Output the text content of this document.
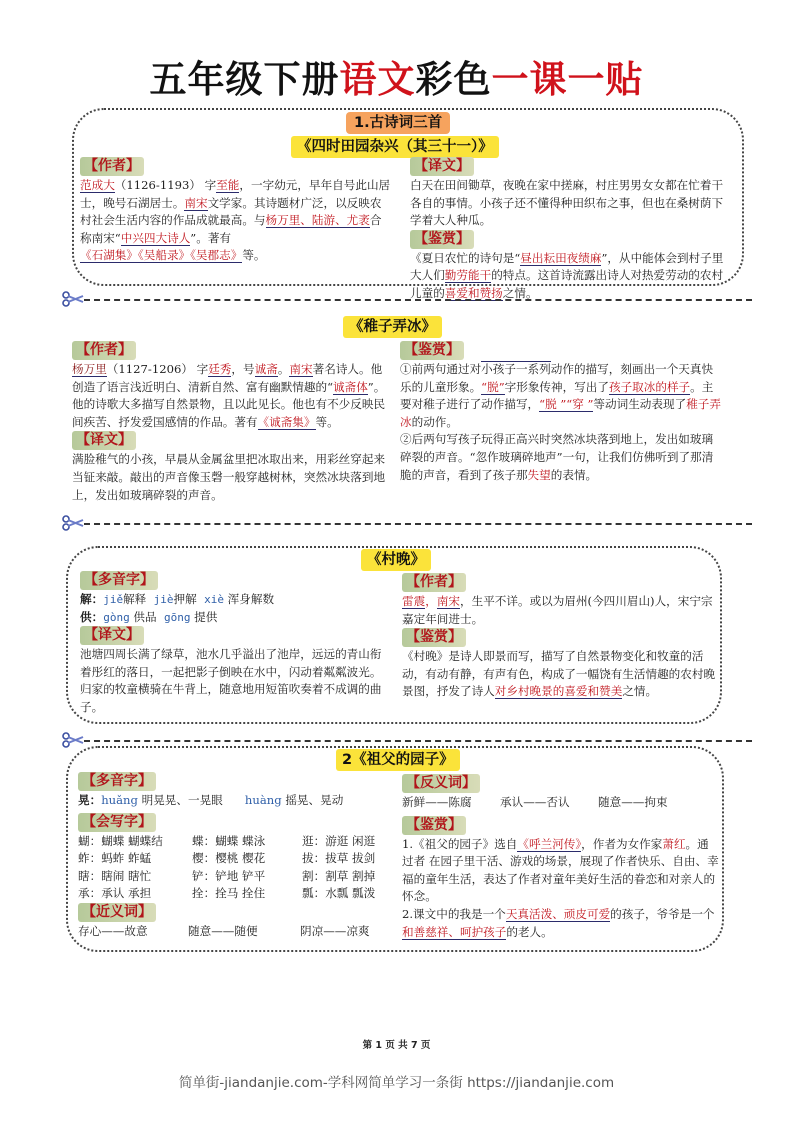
五年级下册语文彩色一课一贴
1.古诗词三首
《四时田园杂兴（其三十一）》
【作者】

范成大（1126-1193） 字至能，一字幼元，早年自号此山居士，晚号石湖居士。南宋文学家。其诗题材广泛，以反映农村社会生活内容的作品成就最高。与杨万里、陆游、尤袤合称南宋“中兴四大诗人”。著有《石湖集》《吴船录》《吴郡志》等。

【译文】

白天在田间锄草，夜晚在家中搓麻，村庄男男女女都在忙着干各自的事情。小孩子还不懂得种田织布之事，但也在桑树荫下学着大人种瓜。

【鉴赏】

《夏日农忙的诗句是“昼出耘田夜绩麻”，从中能体会到村子里大人们勤劳能干的特点。这首诗流露出诗人对热爱劳动的农村儿童的喜爱和赞扬之情。

《稚子弄冰》
【作者】

杨万里（1127-1206） 字廷秀，号诚斋。南宋著名诗人。他创造了语言浅近明白、清新自然、富有幽默情趣的“诚斋体”。他的诗歌大多描写自然景物，且以此见长。他也有不少反映民间疾苦、抒发爱国感情的作品。著有《诚斋集》等。

【译文】

满脸稚气的小孩，早晨从金属盆里把冰取出来，用彩丝穿起来当钲来敲。敲出的声音像玉磬一般穿越树林，突然冰块落到地上，发出如玻璃碎裂的声音。

【鉴赏】

①前两句通过对小孩子一系列动作的描写，刻画出一个天真快乐的儿童形象。“脱”字形象传神，写出了孩子取冰的样子。主要对稚子进行了动作描写，“脱 ”“穿 ”等动词生动表现了稚子弄冰的动作。

②后两句写孩子玩得正高兴时突然冰块落到地上，发出如玻璃碎裂的声音。“忽作玻璃碎地声”一句，让我们仿佛听到了那清脆的声音，看到了孩子那失望的表情。

《村晚》
【多音字】

解：jiě解释 jiè押解 xiè 浑身解数

供：gòng 供品 gōng 提供

【译文】

池塘四周长满了绿草，池水几乎溢出了池岸，远远的青山衔着彤红的落日，一起把影子倒映在水中，闪动着粼粼波光。归家的牧童横骑在牛背上，随意地用短笛吹奏着不成调的曲子。

【作者】

雷震，南宋，生平不详。或以为眉州(今四川眉山)人，宋宁宗嘉定年间进士。

【鉴赏】

《村晚》是诗人即景而写，描写了自然景物变化和牧童的活动，有动有静，有声有色，构成了一幅饶有生活情趣的农村晚景图，抒发了诗人对乡村晚景的喜爱和赞美之情。

2《祖父的园子》
【多音字】

晃：huǎng 明晃晃、一晃眼 huàng 摇晃、晃动

【会写字】
蝴：蝴蝶 蝴蝶结	蝶：蝴蝶 蝶泳	逛：游逛 闲逛
蚱：蚂蚱 蚱蜢	樱：樱桃 樱花	拔：拔草 拔剑
瞎：瞎闹 瞎忙	铲：铲地 铲平	割：割草 割掉
承：承认 承担	拴：拴马 拴住	瓢：水瓢 瓢泼
【近义词】
存心——故意	随意——随便	阴凉——凉爽
【反义词】
新鲜——陈腐	承认——否认	随意——拘束
【鉴赏】

1.《祖父的园子》选自《呼兰河传》，作者为女作家萧红。通过者 在园子里干活、游戏的场景，展现了作者快乐、自由、幸福的童年生活，表达了作者对童年美好生活的眷恋和对亲人的怀念。

2.课文中的我是一个天真活泼、顽皮可爱的孩子，爷爷是一个 和善慈祥、呵护孩子的老人。

第 1 页 共 7 页
简单街-jiandanjie.com-学科网简单学习一条街 https://jiandanjie.com
